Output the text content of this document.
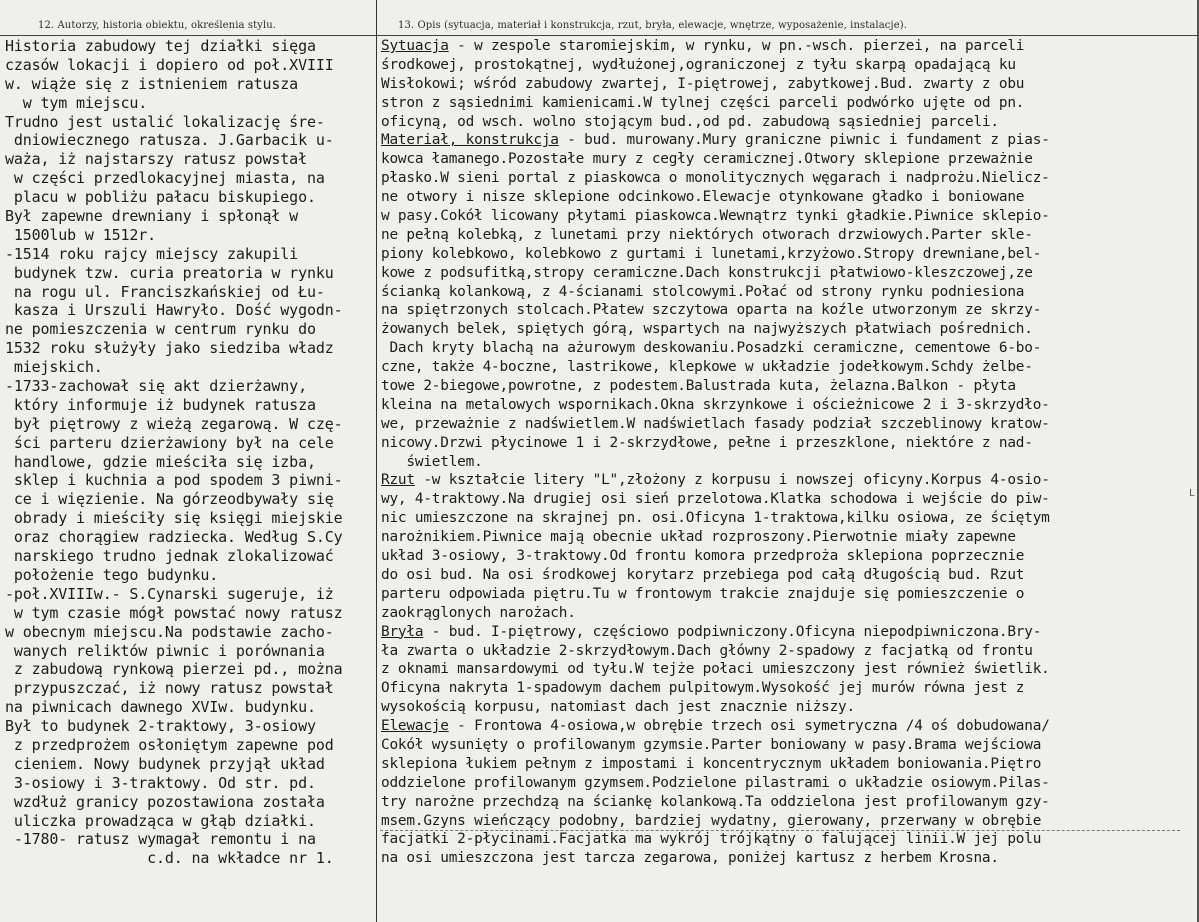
12. Autorzy, historia obiektu, określenia stylu.	13. Opis (sytuacja, materiał i konstrukcja, rzut, bryła, elewacje, wnętrze, wyposażenie, instalacje).
L
Historia zabudowy tej działki sięga
czasów lokacji i dopiero od poł.XVIII
w. wiąże się z istnieniem ratusza
w tym miejscu.
Trudno jest ustalić lokalizację śre-
dniowiecznego ratusza. J.Garbacik u-
waża, iż najstarszy ratusz powstał
w części przedlokacyjnej miasta, na
placu w pobliżu pałacu biskupiego.
Był zapewne drewniany i spłonął w
1500lub w 1512r.
-1514 roku rajcy miejscy zakupili
budynek tzw. curia preatoria w rynku
na rogu ul. Franciszkańskiej od Łu-
kasza i Urszuli Hawryło. Dość wygodn-
ne pomieszczenia w centrum rynku do
1532 roku służyły jako siedziba władz
miejskich.
-1733-zachował się akt dzierżawny,
który informuje iż budynek ratusza
był piętrowy z wieżą zegarową. W czę-
ści parteru dzierżawiony był na cele
handlowe, gdzie mieściła się izba,
sklep i kuchnia a pod spodem 3 piwni-
ce i więzienie. Na górzeodbywały się
obrady i mieściły się księgi miejskie
oraz chorągiew radziecka. Według S.Cy
narskiego trudno jednak zlokalizować
położenie tego budynku.
-poł.XVIIIw.- S.Cynarski sugeruje, iż
w tym czasie mógł powstać nowy ratusz
w obecnym miejscu.Na podstawie zacho-
wanych reliktów piwnic i porównania
z zabudową rynkową pierzei pd., można
przypuszczać, iż nowy ratusz powstał
na piwnicach dawnego XVIw. budynku.
Był to budynek 2-traktowy, 3-osiowy
z przedprożem osłoniętym zapewne pod
cieniem. Nowy budynek przyjął układ
3-osiowy i 3-traktowy. Od str. pd.
wzdłuż granicy pozostawiona została
uliczka prowadząca w głąb działki.
-1780- ratusz wymagał remontu i na
c.d. na wkładce nr 1.
Sytuacja - w zespole staromiejskim, w rynku, w pn.-wsch. pierzei, na parceli
środkowej, prostokątnej, wydłużonej,ograniczonej z tyłu skarpą opadającą ku
Wisłokowi; wśród zabudowy zwartej, I-piętrowej, zabytkowej.Bud. zwarty z obu
stron z sąsiednimi kamienicami.W tylnej części parceli podwórko ujęte od pn.
oficyną, od wsch. wolno stojącym bud.,od pd. zabudową sąsiedniej parceli.
Materiał, konstrukcja - bud. murowany.Mury graniczne piwnic i fundament z pias-
kowca łamanego.Pozostałe mury z cegły ceramicznej.Otwory sklepione przeważnie
płasko.W sieni portal z piaskowca o monolitycznych węgarach i nadprożu.Nielicz-
ne otwory i nisze sklepione odcinkowo.Elewacje otynkowane gładko i boniowane
w pasy.Cokół licowany płytami piaskowca.Wewnątrz tynki gładkie.Piwnice sklepio-
ne pełną kolebką, z lunetami przy niektórych otworach drzwiowych.Parter skle-
piony kolebkowo, kolebkowo z gurtami i lunetami,krzyżowo.Stropy drewniane,bel-
kowe z podsufitką,stropy ceramiczne.Dach konstrukcji płatwiowo-kleszczowej,ze
ścianką kolankową, z 4-ścianami stolcowymi.Połać od strony rynku podniesiona
na spiętrzonych stolcach.Płatew szczytowa oparta na koźle utworzonym ze skrzy-
żowanych belek, spiętych górą, wspartych na najwyższych płatwiach pośrednich.
Dach kryty blachą na ażurowym deskowaniu.Posadzki ceramiczne, cementowe 6-bo-
czne, także 4-boczne, lastrikowe, klepkowe w układzie jodełkowym.Schdy żelbe-
towe 2-biegowe,powrotne, z podestem.Balustrada kuta, żelazna.Balkon - płyta
kleina na metalowych wspornikach.Okna skrzynkowe i ościeżnicowe 2 i 3-skrzydło-
we, przeważnie z nadświetlem.W nadświetlach fasady podział szczeblinowy kratow-
nicowy.Drzwi płycinowe 1 i 2-skrzydłowe, pełne i przeszklone, niektóre z nad-
świetlem.
Rzut -w kształcie litery "L",złożony z korpusu i nowszej oficyny.Korpus 4-osio-
wy, 4-traktowy.Na drugiej osi sień przelotowa.Klatka schodowa i wejście do piw-
nic umieszczone na skrajnej pn. osi.Oficyna 1-traktowa,kilku osiowa, ze ściętym
narożnikiem.Piwnice mają obecnie układ rozproszony.Pierwotnie miały zapewne
układ 3-osiowy, 3-traktowy.Od frontu komora przedproża sklepiona poprzecznie
do osi bud. Na osi środkowej korytarz przebiega pod całą długością bud. Rzut
parteru odpowiada piętru.Tu w frontowym trakcie znajduje się pomieszczenie o
zaokrąglonych narożach.
Bryła - bud. I-piętrowy, częściowo podpiwniczony.Oficyna niepodpiwniczona.Bry-
ła zwarta o układzie 2-skrzydłowym.Dach główny 2-spadowy z facjatką od frontu
z oknami mansardowymi od tyłu.W tejże połaci umieszczony jest również świetlik.
Oficyna nakryta 1-spadowym dachem pulpitowym.Wysokość jej murów równa jest z
wysokością korpusu, natomiast dach jest znacznie niższy.
Elewacje - Frontowa 4-osiowa,w obrębie trzech osi symetryczna /4 oś dobudowana/
Cokół wysunięty o profilowanym gzymsie.Parter boniowany w pasy.Brama wejściowa
sklepiona łukiem pełnym z impostami i koncentrycznym układem boniowania.Piętro
oddzielone profilowanym gzymsem.Podzielone pilastrami o układzie osiowym.Pilas-
try narożne przechdzą na ściankę kolankową.Ta oddzielona jest profilowanym gzy-
msem.Gzyns wieńczący podobny, bardziej wydatny, gierowany, przerwany w obrębie
facjatki 2-płycinami.Facjatka ma wykrój trójkątny o falującej linii.W jej polu
na osi umieszczona jest tarcza zegarowa, poniżej kartusz z herbem Krosna.
